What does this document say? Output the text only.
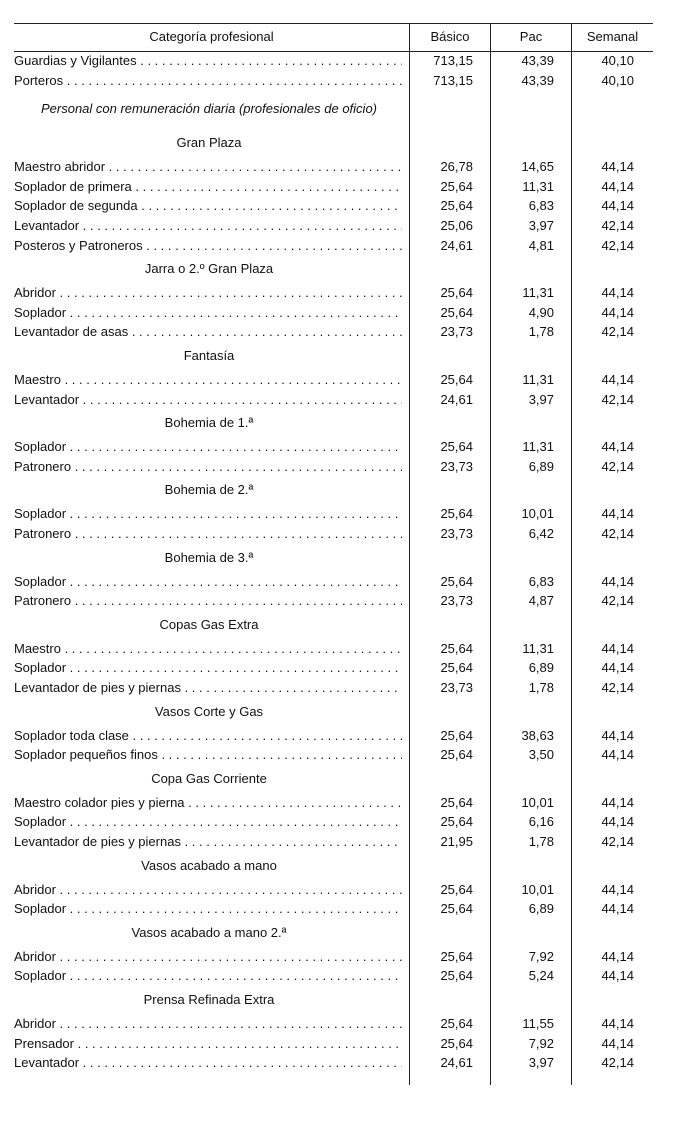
Categoría profesional	Básico	Pac	Semanal
Guardias y Vigilantes . . .	713,15	43,39	40,10
Porteros . . .	713,15	43,39	40,10
Personal con remuneración diaria (profesionales de oficio)
Gran Plaza
Maestro abridor . . .	26,78	14,65	44,14
Soplador de primera . . .	25,64	11,31	44,14
Soplador de segunda . . .	25,64	6,83	44,14
Levantador . . .	25,06	3,97	42,14
Posteros y Patroneros . . .	24,61	4,81	42,14
Jarra o 2.º Gran Plaza
Abridor . . .	25,64	11,31	44,14
Soplador . . .	25,64	4,90	44,14
Levantador de asas . . .	23,73	1,78	42,14
Fantasía
Maestro . . .	25,64	11,31	44,14
Levantador . . .	24,61	3,97	42,14
Bohemia de 1.ª
Soplador . . .	25,64	11,31	44,14
Patronero . . .	23,73	6,89	42,14
Bohemia de 2.ª
Soplador . . .	25,64	10,01	44,14
Patronero . . .	23,73	6,42	42,14
Bohemia de 3.ª
Soplador . . .	25,64	6,83	44,14
Patronero . . .	23,73	4,87	42,14
Copas Gas Extra
Maestro . . .	25,64	11,31	44,14
Soplador . . .	25,64	6,89	44,14
Levantador de pies y piernas . . .	23,73	1,78	42,14
Vasos Corte y Gas
Soplador toda clase . . .	25,64	38,63	44,14
Soplador pequeños finos . . .	25,64	3,50	44,14
Copa Gas Corriente
Maestro colador pies y pierna . . .	25,64	10,01	44,14
Soplador . . .	25,64	6,16	44,14
Levantador de pies y piernas . . .	21,95	1,78	42,14
Vasos acabado a mano
Abridor . . .	25,64	10,01	44,14
Soplador . . .	25,64	6,89	44,14
Vasos acabado a mano 2.ª
Abridor . . .	25,64	7,92	44,14
Soplador . . .	25,64	5,24	44,14
Prensa Refinada Extra
Abridor . . .	25,64	11,55	44,14
Prensador . . .	25,64	7,92	44,14
Levantador . . .	24,61	3,97	42,14
